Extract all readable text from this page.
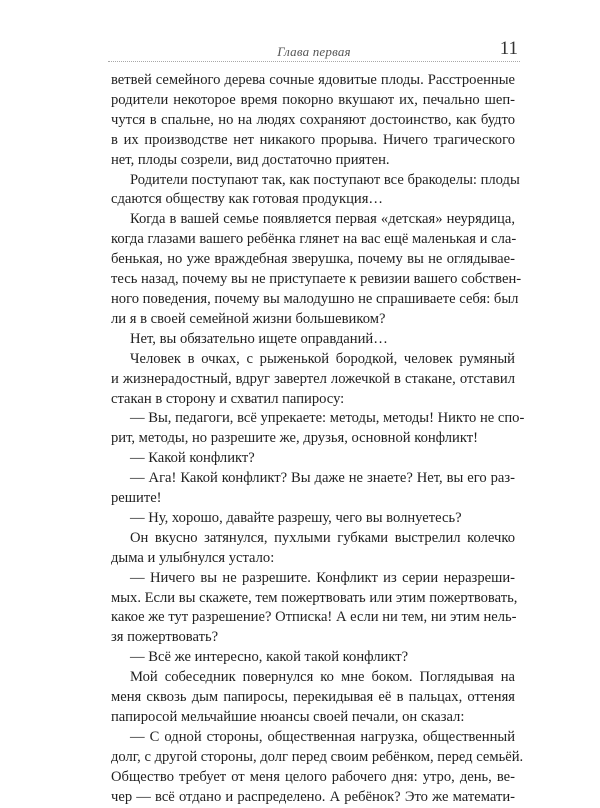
Глава первая	11
ветвей семейного дерева сочные ядовитые плоды. Расстроенные
родители некоторое время покорно вкушают их, печально шеп-
чутся в спальне, но на людях сохраняют достоинство, как будто
в их производстве нет никакого прорыва. Ничего трагического
нет, плоды созрели, вид достаточно приятен.
Родители поступают так, как поступают все бракоделы: плоды
сдаются обществу как готовая продукция…
Когда в вашей семье появляется первая «детская» неурядица,
когда глазами вашего ребёнка глянет на вас ещё маленькая и сла-
бенькая, но уже враждебная зверушка, почему вы не оглядывае-
тесь назад, почему вы не приступаете к ревизии вашего собствен-
ного поведения, почему вы малодушно не спрашиваете себя: был
ли я в своей семейной жизни большевиком?
Нет, вы обязательно ищете оправданий…
Человек в очках, с рыженькой бородкой, человек румяный
и жизнерадостный, вдруг завертел ложечкой в стакане, отставил
стакан в сторону и схватил папиросу:
— Вы, педагоги, всё упрекаете: методы, методы! Никто не спо-
рит, методы, но разрешите же, друзья, основной конфликт!
— Какой конфликт?
— Ага! Какой конфликт? Вы даже не знаете? Нет, вы его раз-
решите!
— Ну, хорошо, давайте разрешу, чего вы волнуетесь?
Он вкусно затянулся, пухлыми губками выстрелил колечко
дыма и улыбнулся устало:
— Ничего вы не разрешите. Конфликт из серии неразреши-
мых. Если вы скажете, тем пожертвовать или этим пожертвовать,
какое же тут разрешение? Отписка! А если ни тем, ни этим нель-
зя пожертвовать?
— Всё же интересно, какой такой конфликт?
Мой собеседник повернулся ко мне боком. Поглядывая на
меня сквозь дым папиросы, перекидывая её в пальцах, оттеняя
папиросой мельчайшие нюансы своей печали, он сказал:
— С одной стороны, общественная нагрузка, общественный
долг, с другой стороны, долг перед своим ребёнком, перед семьёй.
Общество требует от меня целого рабочего дня: утро, день, ве-
чер — всё отдано и распределено. А ребёнок? Это же математи-
